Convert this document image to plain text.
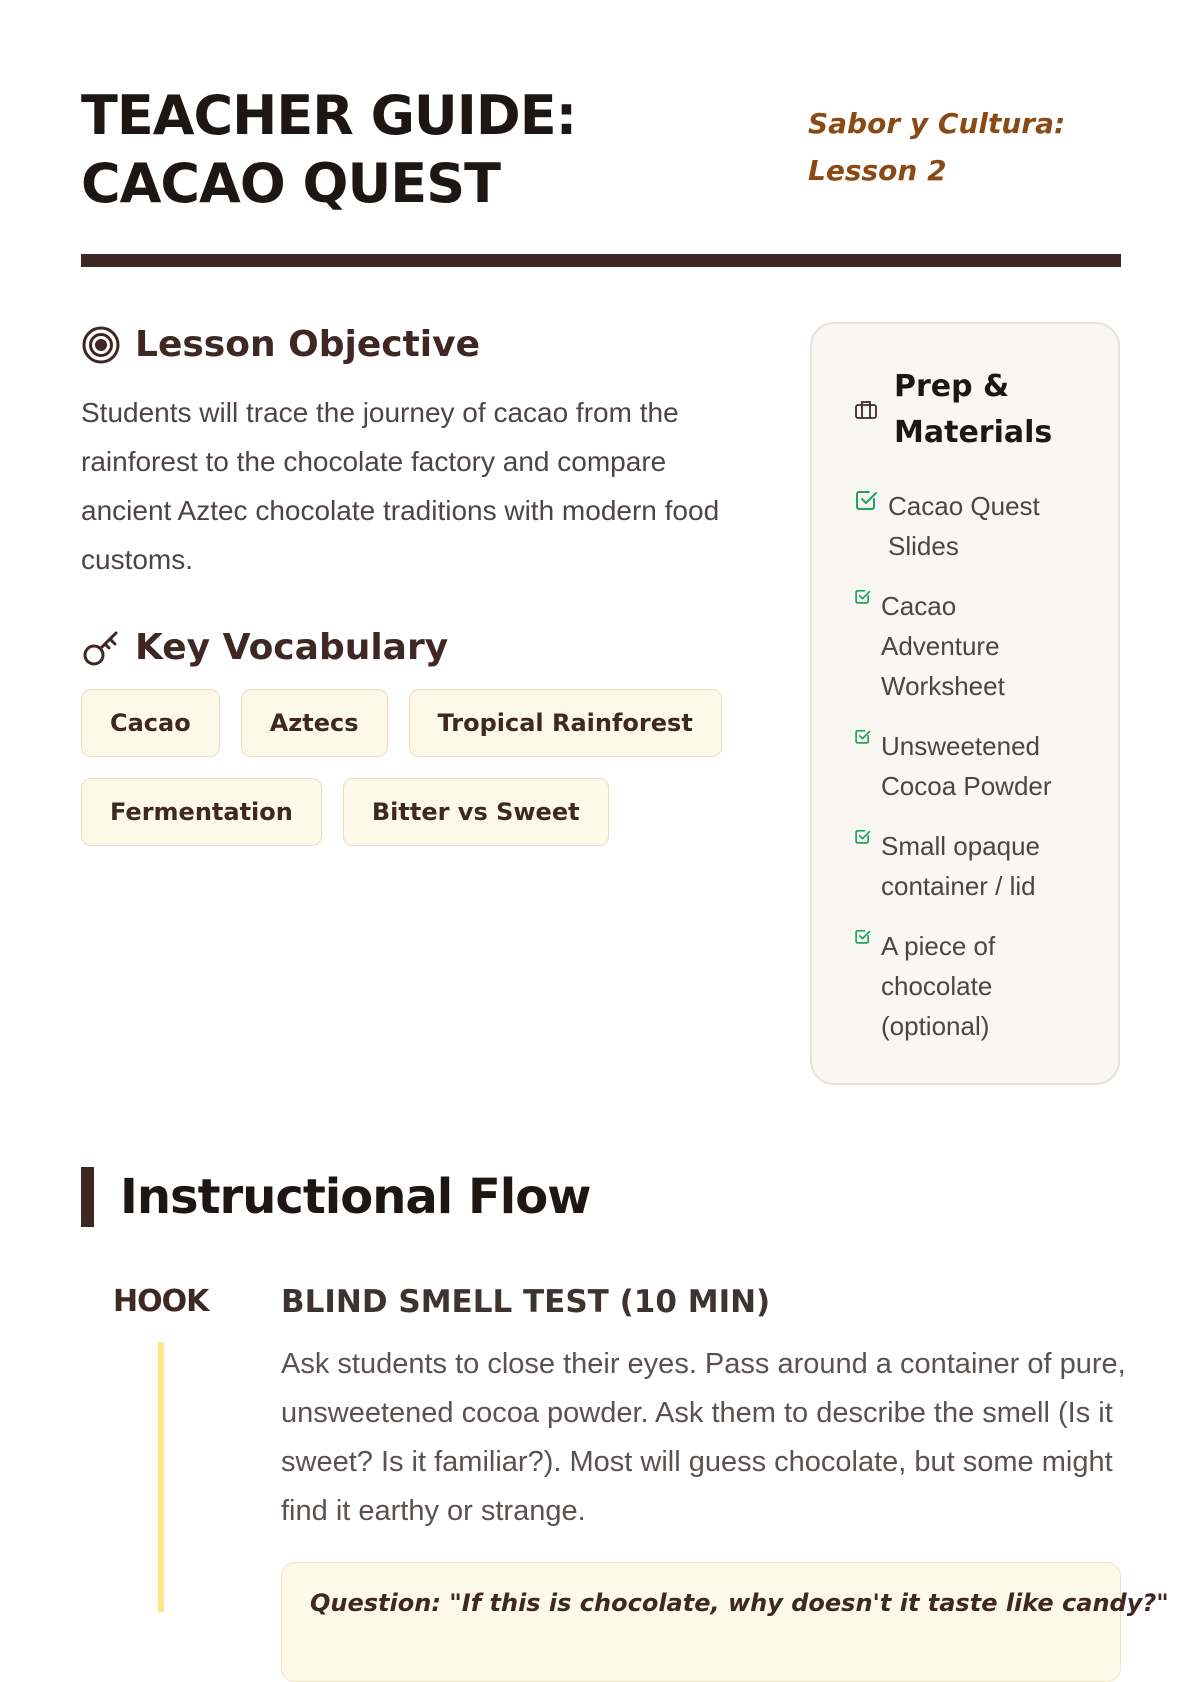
TEACHER GUIDE:
CACAO QUEST
Sabor y Cultura:
Lesson 2
Lesson Objective

Students will trace the journey of cacao from the rainforest to the chocolate factory and compare ancient Aztec chocolate traditions with modern food customs.

Key Vocabulary
Cacao	Aztecs	Tropical Rainforest
Fermentation	Bitter vs Sweet
Prep &
Materials
Cacao Quest
Slides
Cacao
Adventure
Worksheet
Unsweetened
Cocoa Powder
Small opaque
container / lid
A piece of
chocolate
(optional)
Instructional Flow
HOOK BLIND SMELL TEST (10 MIN)

Ask students to close their eyes. Pass around a container of pure, unsweetened cocoa powder. Ask them to describe the smell (Is it sweet? Is it familiar?). Most will guess chocolate, but some might find it earthy or strange.

Question: "If this is chocolate, why doesn't it taste like candy?"
